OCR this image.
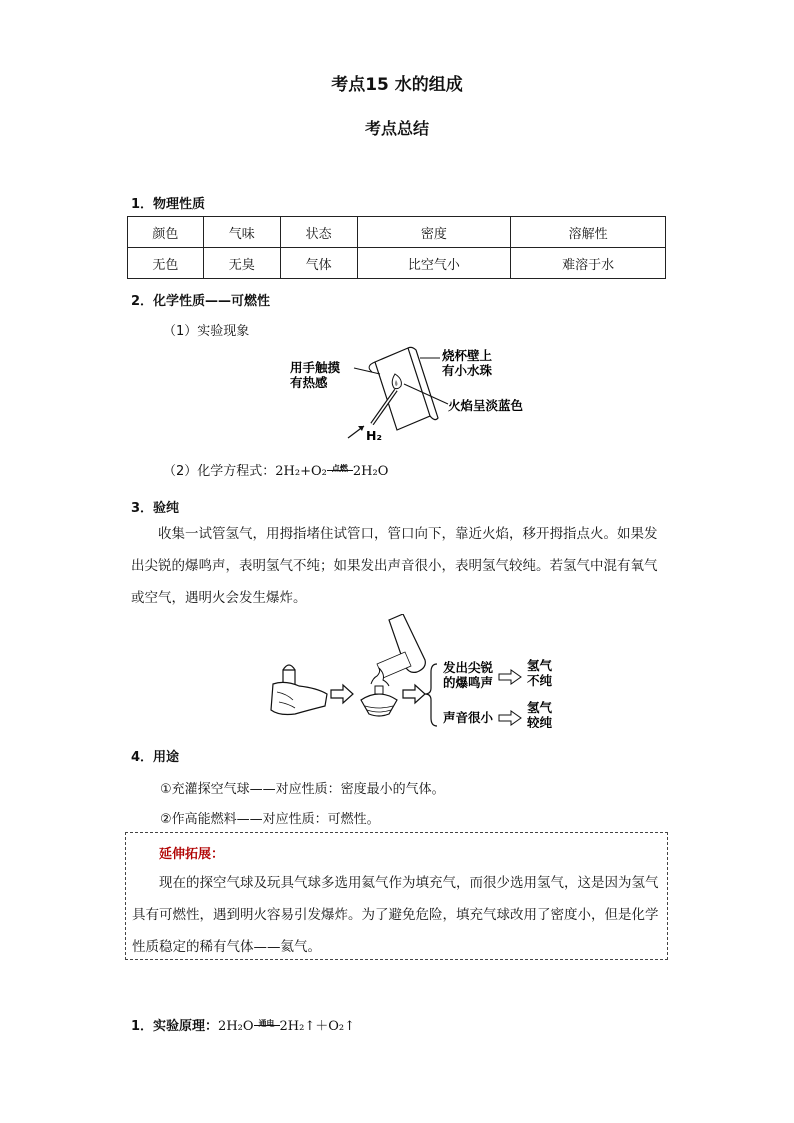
考点15 水的组成
考点总结
1．物理性质
颜色	气味	状态	密度	溶解性
无色	无臭	气体	比空气小	难溶于水
2．化学性质——可燃性
（1）实验现象
用手触摸有热感
烧杯壁上有小水珠
火焰呈淡蓝色
H₂
（2）化学方程式：2H₂+O₂ 点燃 2H₂O
3．验纯
收集一试管氢气，用拇指堵住试管口，管口向下，靠近火焰，移开拇指点火。如果发出尖锐的爆鸣声，表明氢气不纯；如果发出声音很小，表明氢气较纯。若氢气中混有氧气或空气，遇明火会发生爆炸。
发出尖锐的爆鸣声
氢气不纯
声音很小
氢气较纯
4．用途
①充灌探空气球——对应性质：密度最小的气体。
②作高能燃料——对应性质：可燃性。
延伸拓展：
现在的探空气球及玩具气球多选用氦气作为填充气，而很少选用氢气，这是因为氢气具有可燃性，遇到明火容易引发爆炸。为了避免危险，填充气球改用了密度小，但是化学性质稳定的稀有气体——氦气。
1．实验原理：2H₂O 通电 2H₂↑＋O₂↑
